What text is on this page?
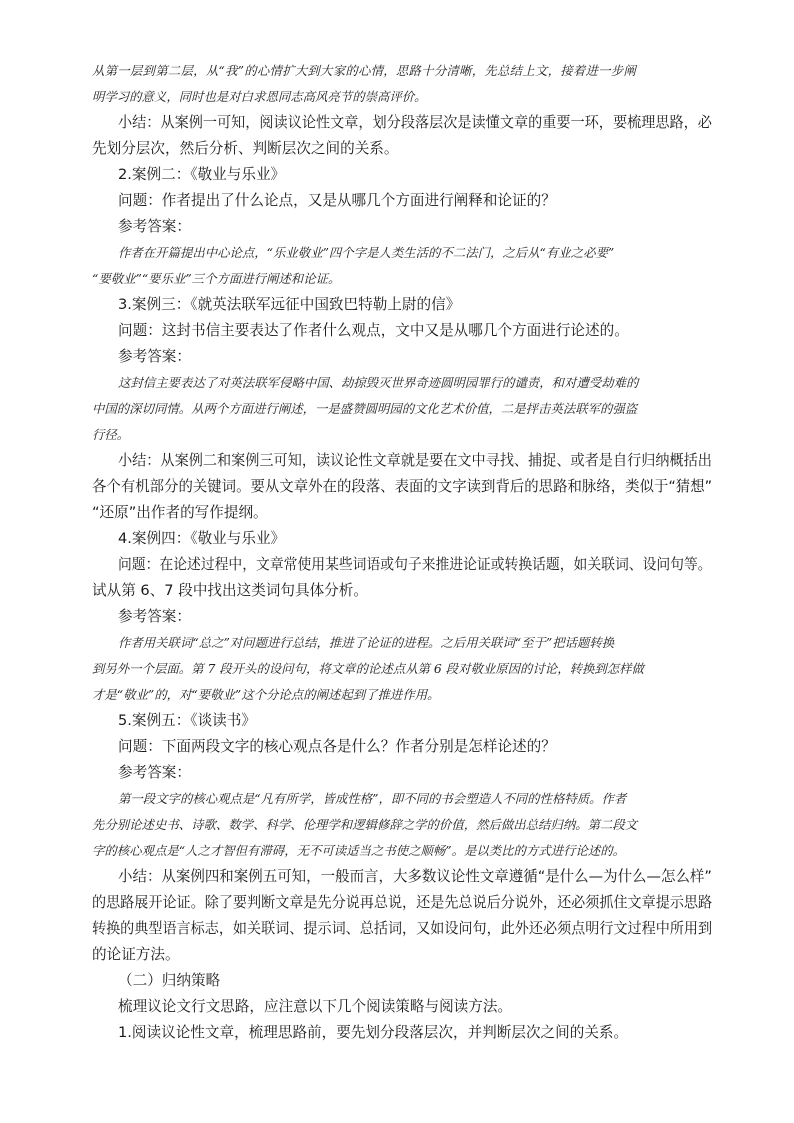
从第一层到第二层，从“我”的心情扩大到大家的心情，思路十分清晰，先总结上文，接着进一步阐
明学习的意义，同时也是对白求恩同志高风亮节的崇高评价。
小结：从案例一可知，阅读议论性文章，划分段落层次是读懂文章的重要一环，要梳理思路，必
先划分层次，然后分析、判断层次之间的关系。
2.案例二：《敬业与乐业》
问题：作者提出了什么论点，又是从哪几个方面进行阐释和论证的？
参考答案：
作者在开篇提出中心论点，“乐业敬业”四个字是人类生活的不二法门，之后从“有业之必要”
“要敬业”“要乐业”三个方面进行阐述和论证。
3.案例三：《就英法联军远征中国致巴特勒上尉的信》
问题：这封书信主要表达了作者什么观点，文中又是从哪几个方面进行论述的。
参考答案：
这封信主要表达了对英法联军侵略中国、劫掠毁灭世界奇迹圆明园罪行的谴责，和对遭受劫难的
中国的深切同情。从两个方面进行阐述，一是盛赞圆明园的文化艺术价值，二是抨击英法联军的强盗
行径。
小结：从案例二和案例三可知，读议论性文章就是要在文中寻找、捕捉、或者是自行归纳概括出
各个有机部分的关键词。要从文章外在的段落、表面的文字读到背后的思路和脉络，类似于“猜想”
“还原”出作者的写作提纲。
4.案例四：《敬业与乐业》
问题：在论述过程中，文章常使用某些词语或句子来推进论证或转换话题，如关联词、设问句等。
试从第 6、7 段中找出这类词句具体分析。
参考答案：
作者用关联词“总之”对问题进行总结，推进了论证的进程。之后用关联词“至于”把话题转换
到另外一个层面。第 7 段开头的设问句，将文章的论述点从第 6 段对敬业原因的讨论，转换到怎样做
才是“敬业”的，对“要敬业”这个分论点的阐述起到了推进作用。
5.案例五：《谈读书》
问题：下面两段文字的核心观点各是什么？作者分别是怎样论述的？
参考答案：
第一段文字的核心观点是“凡有所学，皆成性格”，即不同的书会塑造人不同的性格特质。作者
先分别论述史书、诗歌、数学、科学、伦理学和逻辑修辞之学的价值，然后做出总结归纳。第二段文
字的核心观点是“人之才智但有滞碍，无不可读适当之书使之顺畅”。是以类比的方式进行论述的。
小结：从案例四和案例五可知，一般而言，大多数议论性文章遵循“是什么—为什么—怎么样”
的思路展开论证。除了要判断文章是先分说再总说，还是先总说后分说外，还必须抓住文章提示思路
转换的典型语言标志，如关联词、提示词、总括词，又如设问句，此外还必须点明行文过程中所用到
的论证方法。
（二）归纳策略
梳理议论文行文思路，应注意以下几个阅读策略与阅读方法。
1.阅读议论性文章，梳理思路前，要先划分段落层次，并判断层次之间的关系。
